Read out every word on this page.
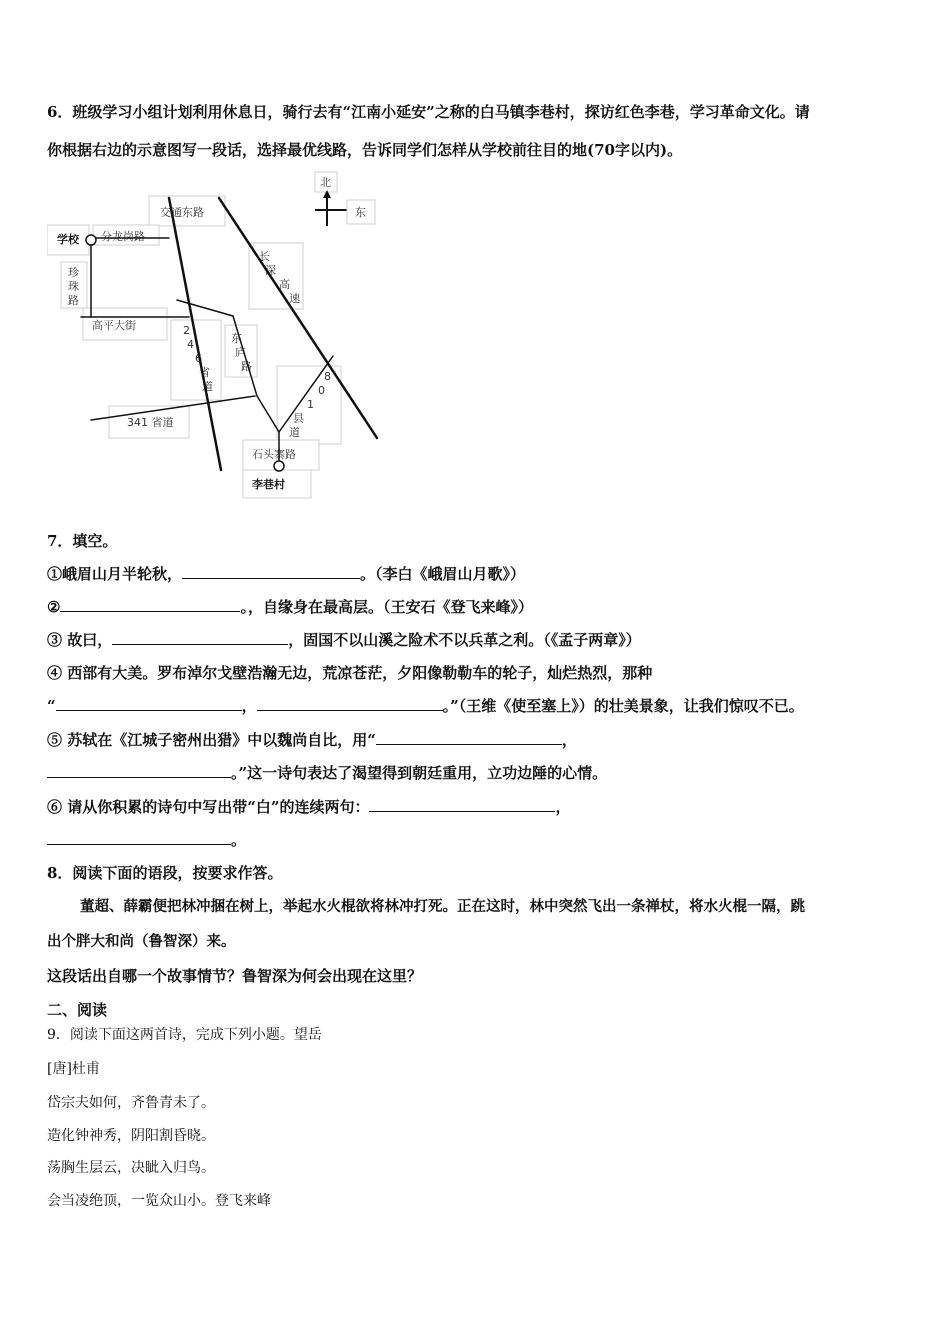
6．班级学习小组计划利用休息日，骑行去有“江南小延安”之称的白马镇李巷村，探访红色李巷，学习革命文化。请
你根据右边的示意图写一段话，选择最优线路，告诉同学们怎样从学校前往目的地(70字以内)。
北
东
交通东路
学校 分龙岗路
珍
珠
路
长
深
高
速
高平大街	2
4
6
省
道
东
庐
路
8
0
1
县
道
341 省道
石头寨路
李巷村
7．填空。
①峨眉山月半轮秋，	。（李白《峨眉山月歌》）
②	。，自缘身在最高层。（王安石《登飞来峰》）
③ 故曰，	，固国不以山溪之险术不以兵革之利。（《孟子两章》）
④ 西部有大美。罗布淖尔戈壁浩瀚无边，荒凉苍茫，夕阳像勒勒车的轮子，灿烂热烈，那种
“	，	。”（王维《使至塞上》）的壮美景象，让我们惊叹不已。
⑤ 苏轼在《江城子密州出猎》中以魏尚自比，用“	，
。”这一诗句表达了渴望得到朝廷重用，立功边陲的心情。
⑥ 请从你积累的诗句中写出带“白”的连续两句：	，
。
8．阅读下面的语段，按要求作答。
董超、薛霸便把林冲捆在树上，举起水火棍欲将林冲打死。正在这时，林中突然飞出一条禅杖，将水火棍一隔，跳
出个胖大和尚（鲁智深）来。
这段话出自哪一个故事情节？鲁智深为何会出现在这里？
二、阅读
9．阅读下面这两首诗，完成下列小题。望岳
[唐]杜甫
岱宗夫如何，齐鲁青未了。
造化钟神秀，阴阳割昏晓。
荡胸生层云，决眦入归鸟。
会当凌绝顶，一览众山小。登飞来峰
